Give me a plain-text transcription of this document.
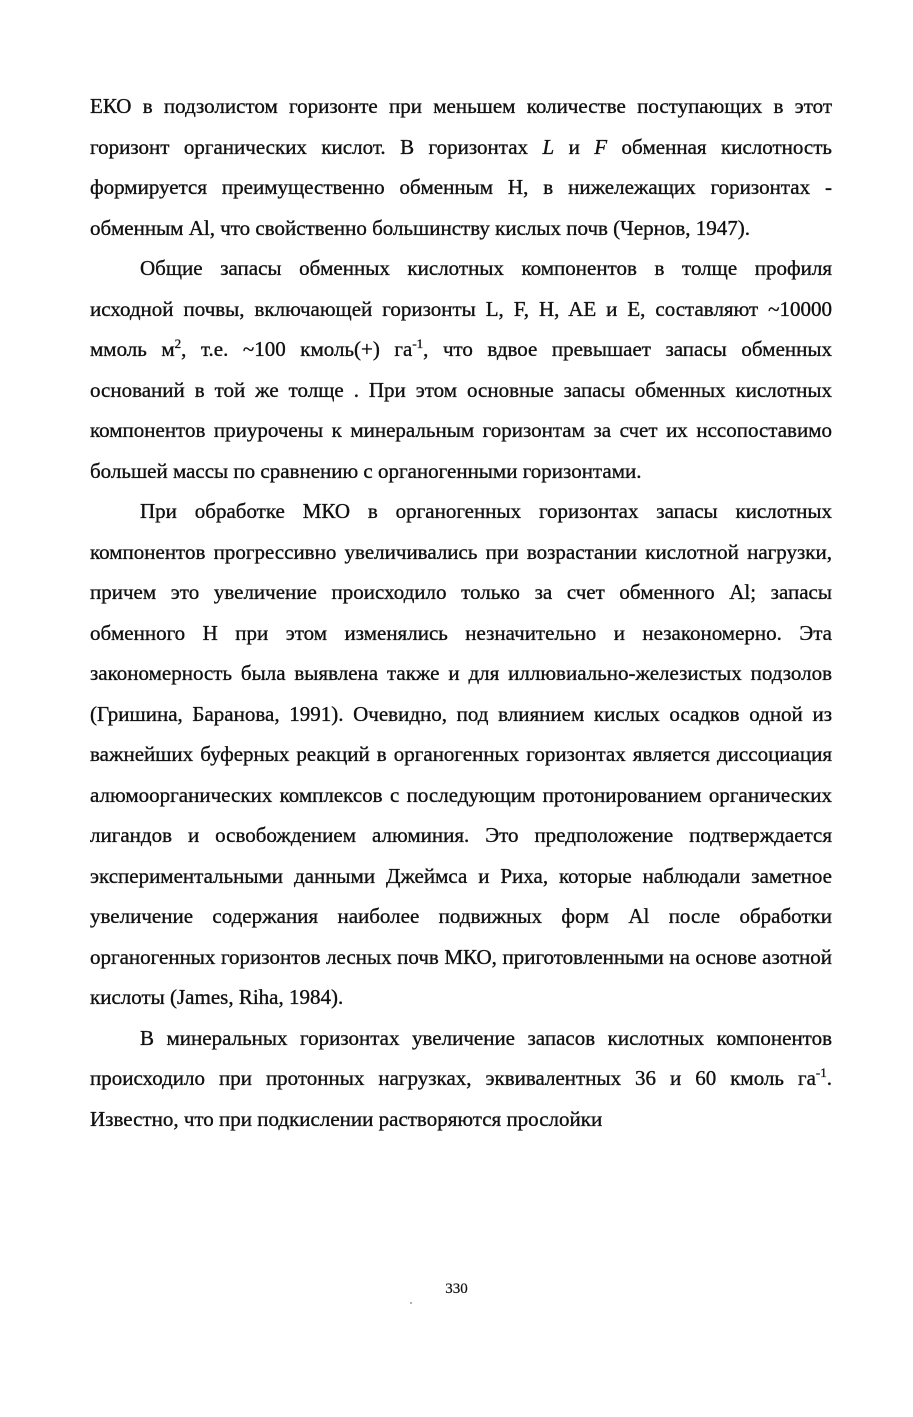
ЕКО в подзолистом горизонте при меньшем количестве поступающих в этот горизонт органических кислот. В горизонтах L и F обменная кислотность формируется преимущественно обменным Н, в нижележащих горизонтах - обменным Al, что свойственно большинству кислых почв (Чернов, 1947).

Общие запасы обменных кислотных компонентов в толще профиля исходной почвы, включающей горизонты L, F, H, AE и E, составляют ~10000 ммоль $м^2$, т.е. ~100 кмоль(+) $га^{-1}$, что вдвое превышает запасы обменных оснований в той же толще . При этом основные запасы обменных кислотных компонентов приурочены к минеральным горизонтам за счет их нссопоставимо большей массы по сравнению с органогенными горизонтами.

При обработке МКО в органогенных горизонтах запасы кислотных компонентов прогрессивно увеличивались при возрастании кислотной нагрузки, причем это увеличение происходило только за счет обменного Al; запасы обменного H при этом изменялись незначительно и незакономерно. Эта закономерность была выявлена также и для иллювиально-железистых подзолов (Гришина, Баранова, 1991). Очевидно, под влиянием кислых осадков одной из важнейших буферных реакций в органогенных горизонтах является диссоциация алюмоорганических комплексов с последующим протонированием органических лигандов и освобождением алюминия. Это предположение подтверждается экспериментальными данными Джеймса и Риха, которые наблюдали заметное увеличение содержания наиболее подвижных форм Al после обработки органогенных горизонтов лесных почв МКО, приготовленными на основе азотной кислоты (James, Riha, 1984).

В минеральных горизонтах увеличение запасов кислотных компонентов происходило при протонных нагрузках, эквивалентных 36 и 60 кмоль $га^{-1}$. Известно, что при подкислении растворяются прослойки

330
